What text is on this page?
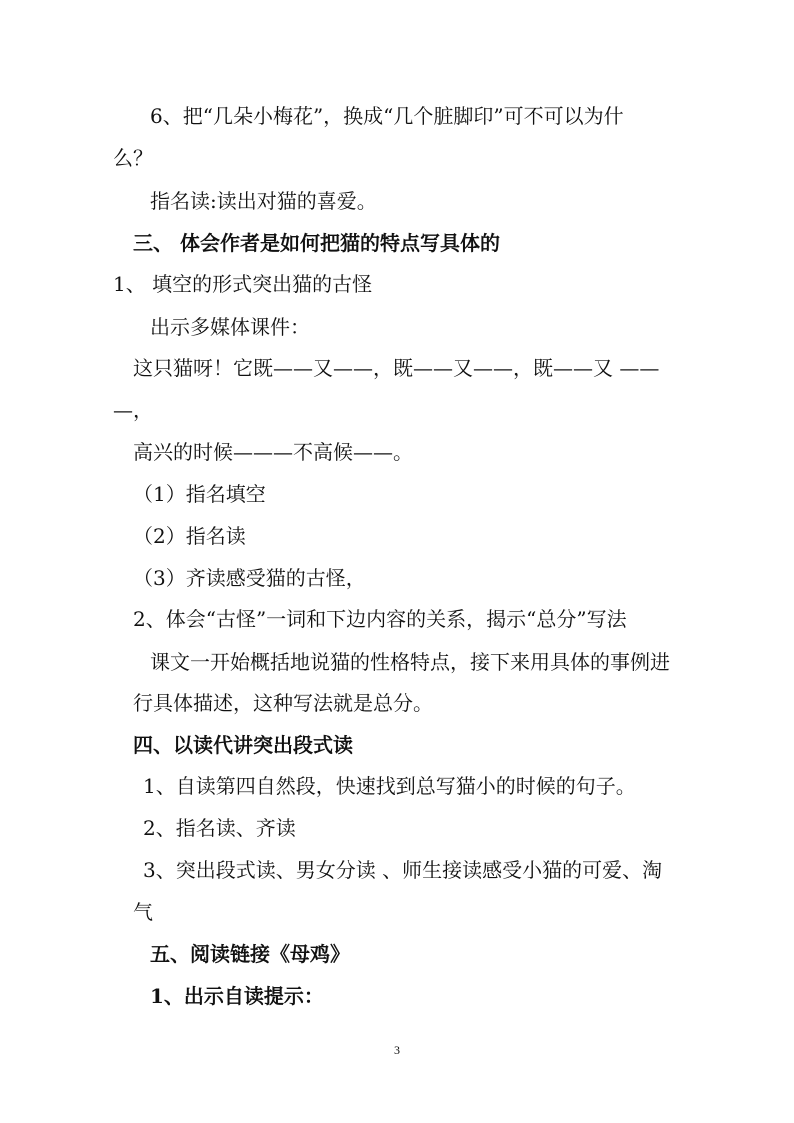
6、把“几朵小梅花”，换成“几个脏脚印”可不可以为什
么？
指名读:读出对猫的喜爱。
三、 体会作者是如何把猫的特点写具体的
1、 填空的形式突出猫的古怪
出示多媒体课件：
这只猫呀！它既——又——，既——又——，既——又 ——
—，
高兴的时候———不高候——。
（1）指名填空
（2）指名读
（3）齐读感受猫的古怪，
2、体会“古怪”一词和下边内容的关系，揭示“总分”写法
课文一开始概括地说猫的性格特点，接下来用具体的事例进
行具体描述，这种写法就是总分。
四、以读代讲突出段式读
1、自读第四自然段，快速找到总写猫小的时候的句子。
2、指名读、齐读
3、突出段式读、男女分读 、师生接读感受小猫的可爱、淘
气
五、阅读链接《母鸡》
1、出示自读提示：
3
